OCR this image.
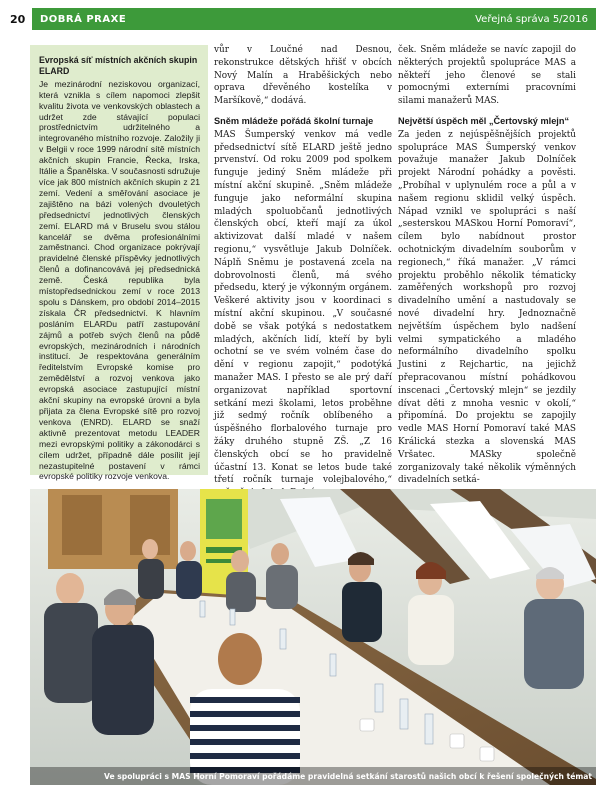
20	DOBRÁ PRAXE	Veřejná správa 5/2016
Evropská síť místních akčních skupin ELARD
Je mezinárodní neziskovou organizací, která vznikla s cílem napomoci zlepšit kvalitu života ve venkovských oblastech a udržet zde stávající populaci prostřednictvím udržitelného a integrovaného místního rozvoje. Založily ji v Belgii v roce 1999 národní sítě místních akčních skupin Francie, Řecka, Irska, Itálie a Španělska. V současnosti sdružuje více jak 800 místních akčních skupin z 21 zemí. Vedení a směřování asociace je zajištěno na bázi volených dvouletých předsednictví jednotlivých členských zemí. ELARD má v Bruselu svou stálou kancelář se dvěma profesionálními zaměstnanci. Chod organizace pokrývají pravidelné členské příspěvky jednotlivých členů a dofinancovává jej předsednická země. Česká republika byla místopředsednickou zemí v roce 2013 spolu s Dánskem, pro období 2014–2015 získala ČR předsednictví. K hlavním posláním ELARDu patří zastupování zájmů a potřeb svých členů na půdě evropských, mezinárodních i národních institucí. Je respektována generálním ředitelstvím Evropské komise pro zemědělství a rozvoj venkova jako evropská asociace zastupující místní akční skupiny na evropské úrovni a byla přijata za člena Evropské sítě pro rozvoj venkova (ENRD). ELARD se snaží aktivně prezentovat metodu LEADER mezi evropskými politiky a zákonodárci s cílem udržet, případně dále posílit její nezastupitelné postavení v rámci evropské politiky rozvoje venkova.

vůr v Loučné nad Desnou, rekonstrukce dětských hřišť v obcích Nový Malín a Hraběšických nebo oprava dřevěného kostelíka v Maršíkově,“ dodává.

Sněm mládeže pořádá školní turnaje

MAS Šumperský venkov má vedle předsednictví sítě ELARD ještě jedno prvenství. Od roku 2009 pod spolkem funguje jediný Sněm mládeže při místní akční skupině. „Sněm mládeže funguje jako neformální skupina mladých spoluobčanů jednotlivých členských obcí, kteří mají za úkol aktivizovat další mladé v našem regionu,“ vysvětluje Jakub Dolníček. Náplň Sněmu je postavená zcela na dobrovolnosti členů, má svého předsedu, který je výkonným orgánem. Veškeré aktivity jsou v koordinaci s místní akční skupinou. „V současné době se však potýká s nedostatkem mladých, akčních lidí, kteří by byli ochotní se ve svém volném čase do dění v regionu zapojit,“ podotýká manažer MAS. I přesto se ale prý daří organizovat například sportovní setkání mezi školami, letos proběhne již sedmý ročník oblíbeného a úspěšného florbalového turnaje pro žáky druhého stupně ZŠ. „Z 16 členských obcí se ho pravidelně účastní 13. Konat se letos bude také třetí ročník turnaje volejbalového,“

ček. Sněm mládeže se navíc zapojil do některých projektů spolupráce MAS a někteří jeho členové se stali pomocnými externími pracovními silami manažerů MAS.

Největší úspěch měl „Čertovský mlejn“

Za jeden z nejúspěšnějších projektů spolupráce MAS Šumperský venkov považuje manažer Jakub Dolníček projekt Národní pohádky a pověsti. „Probíhal v uplynulém roce a půl a v našem regionu sklidil velký úspěch. Nápad vznikl ve spolupráci s naší „sesterskou MASkou Horní Pomoraví“, cílem bylo nabídnout prostor ochotnickým divadelním souborům v regionech,“ říká manažer. „V rámci projektu proběhlo několik tématicky zaměřených workshopů pro rozvoj divadelního umění a nastudovaly se nové divadelní hry. Jednoznačně největším úspěchem bylo nadšení velmi sympatického a mladého neformálního divadelního spolku Justini z Rejchartic, na jejichž přepracovanou místní pohádkovou inscenaci „Čertovský mlejn“ se jezdily dívat děti z mnoha vesnic v okolí,“ připomíná. Do projektu se zapojily vedle MAS Horní Pomoraví také MAS Králická stezka a slovenská MAS Vršatec. MASky společně zorganizovaly také několik výměnných divadelních setká-

Ve spolupráci s MAS Horní Pomoraví pořádáme pravidelná setkání starostů našich obcí k řešení společných témat
